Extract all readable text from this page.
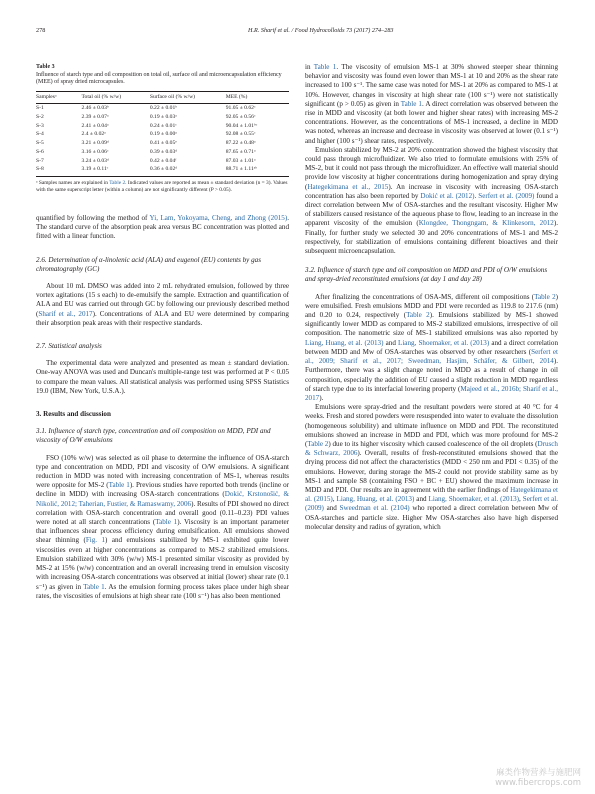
278	H.R. Sharif et al. / Food Hydrocolloids 73 (2017) 274–283
Table 3
Influence of starch type and oil composition on total oil, surface oil and microencapsulation efficiency (MEE) of spray dried microcapsules.
Samplesᵃ	Total oil (% w/w)	Surface oil (% w/w)	MEE (%)
S-1	2.46 ± 0.03ᵇ	0.22 ± 0.01ᵇ	91.05 ± 0.62ᶜ
S-2	2.39 ± 0.07ᵃ	0.19 ± 0.03ᵃ	92.05 ± 0.56ᶜ
S-3	2.41 ± 0.04ᵃ	0.24 ± 0.01ᶜ	90.04 ± 1.01ᵇᶜ
S-4	2.4 ± 0.02ᵃ	0.19 ± 0.00ᵃ	92.08 ± 0.55ᶜ
S-5	3.21 ± 0.09ᵈ	0.41 ± 0.05ᵉ	87.22 ± 0.48ᵃ
S-6	3.16 ± 0.06ᶜ	0.39 ± 0.03ᵈ	87.65 ± 0.71ᵃ
S-7	3.24 ± 0.03ᵈ	0.42 ± 0.04ᶠ	87.03 ± 1.01ᵃ
S-8	3.19 ± 0.11ᶜ	0.36 ± 0.02ᵈ	88.71 ± 1.11ᵃᵇ
ᵃ Samples names are explained in Table 2. Indicated values are reported as mean ± standard deviation (n = 3). Values with the same superscript letter (within a column) are not significantly different (P > 0.05).

quantified by following the method of Yi, Lam, Yokoyama, Cheng, and Zhong (2015). The standard curve of the absorption peak area versus BC concentration was plotted and fitted with a linear function.

2.6. Determination of α-linolenic acid (ALA) and eugenol (EU) contents by gas chromatography (GC)

About 10 mL DMSO was added into 2 mL rehydrated emulsion, followed by three vortex agitations (15 s each) to de-emulsify the sample. Extraction and quantification of ALA and EU was carried out through GC by following our previously described method (Sharif et al., 2017). Concentrations of ALA and EU were determined by comparing their absorption peak areas with their respective standards.

2.7. Statistical analysis

The experimental data were analyzed and presented as mean ± standard deviation. One-way ANOVA was used and Duncan's multiple-range test was performed at P < 0.05 to compare the mean values. All statistical analysis was performed using SPSS Statistics 19.0 (IBM, New York, U.S.A.).

3. Results and discussion

3.1. Influence of starch type, concentration and oil composition on MDD, PDI and viscosity of O/W emulsions

FSO (10% w/w) was selected as oil phase to determine the influence of OSA-starch type and concentration on MDD, PDI and viscosity of O/W emulsions. A significant reduction in MDD was noted with increasing concentration of MS-1, whereas results were opposite for MS-2 (Table 1). Previous studies have reported both trends (incline or decline in MDD) with increasing OSA-starch concentrations (Dokić, Krstonošić, & Nikolić, 2012; Taherian, Fustier, & Ramaswamy, 2006). Results of PDI showed no direct correlation with OSA-starch concentration and overall good (0.11–0.23) PDI values were noted at all starch concentrations (Table 1). Viscosity is an important parameter that influences shear process efficiency during emulsification. All emulsions showed shear thinning (Fig. 1) and emulsions stabilized by MS-1 exhibited quite lower viscosities even at higher concentrations as compared to MS-2 stabilized emulsions. Emulsion stabilized with 30% (w/w) MS-1 presented similar viscosity as provided by MS-2 at 15% (w/w) concentration and an overall increasing trend in emulsion viscosity with increasing OSA-starch concentrations was observed at initial (lower) shear rate (0.1 s⁻¹) as given in Table 1. As the emulsion forming process takes place under high shear rates, the viscosities of emulsions at high shear rate (100 s⁻¹) has also been mentioned

in Table 1. The viscosity of emulsion MS-1 at 30% showed steeper shear thinning behavior and viscosity was found even lower than MS-1 at 10 and 20% as the shear rate increased to 100 s⁻¹. The same case was noted for MS-1 at 20% as compared to MS-1 at 10%. However, changes in viscosity at high shear rate (100 s⁻¹) were not statistically significant (p > 0.05) as given in Table 1. A direct correlation was observed between the rise in MDD and viscosity (at both lower and higher shear rates) with increasing MS-2 concentrations. However, as the concentrations of MS-1 increased, a decline in MDD was noted, whereas an increase and decrease in viscosity was observed at lower (0.1 s⁻¹) and higher (100 s⁻¹) shear rates, respectively.

Emulsion stabilized by MS-2 at 20% concentration showed the highest viscosity that could pass through microfluidizer. We also tried to formulate emulsions with 25% of MS-2, but it could not pass through the microfluidizer. An effective wall material should provide low viscosity at higher concentrations during homogenization and spray drying (Hategekimana et al., 2015). An increase in viscosity with increasing OSA-starch concentration has also been reported by Dokić et al. (2012). Serfert et al. (2009) found a direct correlation between Mw of OSA-starches and the resultant viscosity. Higher Mw of stabilizers caused resistance of the aqueous phase to flow, leading to an increase in the apparent viscosity of the emulsion (Klongdee, Thongngam, & Klinkesorn, 2012). Finally, for further study we selected 30 and 20% concentrations of MS-1 and MS-2 respectively, for stabilization of emulsions containing different bioactives and their subsequent microencapsulation.

3.2. Influence of starch type and oil composition on MDD and PDI of O/W emulsions and spray-dried reconstituted emulsions (at day 1 and day 28)

After finalizing the concentrations of OSA-MS, different oil compositions (Table 2) were emulsified. Fresh emulsions MDD and PDI were recorded as 119.8 to 217.6 (nm) and 0.20 to 0.24, respectively (Table 2). Emulsions stabilized by MS-1 showed significantly lower MDD as compared to MS-2 stabilized emulsions, irrespective of oil composition. The nanometric size of MS-1 stabilized emulsions was also reported by Liang, Huang, et al. (2013) and Liang, Shoemaker, et al. (2013) and a direct correlation between MDD and Mw of OSA-starches was observed by other researchers (Serfert et al., 2009; Sharif et al., 2017; Sweedman, Hasjim, Schäfer, & Gilbert, 2014). Furthermore, there was a slight change noted in MDD as a result of change in oil composition, especially the addition of EU caused a slight reduction in MDD regardless of starch type due to its interfacial lowering property (Majeed et al., 2016b; Sharif et al., 2017).

Emulsions were spray-dried and the resultant powders were stored at 40 °C for 4 weeks. Fresh and stored powders were resuspended into water to evaluate the dissolution (homogeneous solubility) and ultimate influence on MDD and PDI. The reconstituted emulsions showed an increase in MDD and PDI, which was more profound for MS-2 (Table 2) due to its higher viscosity which caused coalescence of the oil droplets (Drusch & Schwarz, 2006). Overall, results of fresh-reconstituted emulsions showed that the drying process did not affect the characteristics (MDD < 250 nm and PDI < 0.35) of the emulsions. However, during storage the MS-2 could not provide stability same as by MS-1 and sample S8 (containing FSO + BC + EU) showed the maximum increase in MDD and PDI. Our results are in agreement with the earlier findings of Hategekimana et al. (2015), Liang, Huang, et al. (2013) and Liang, Shoemaker, et al. (2013), Serfert et al. (2009) and Sweedman et al. (2104) who reported a direct correlation between Mw of OSA-starches and particle size. Higher Mw OSA-starches also have high dispersed molecular density and radius of gyration, which

麻类作物营养与施肥网
www.fibercrops.com
